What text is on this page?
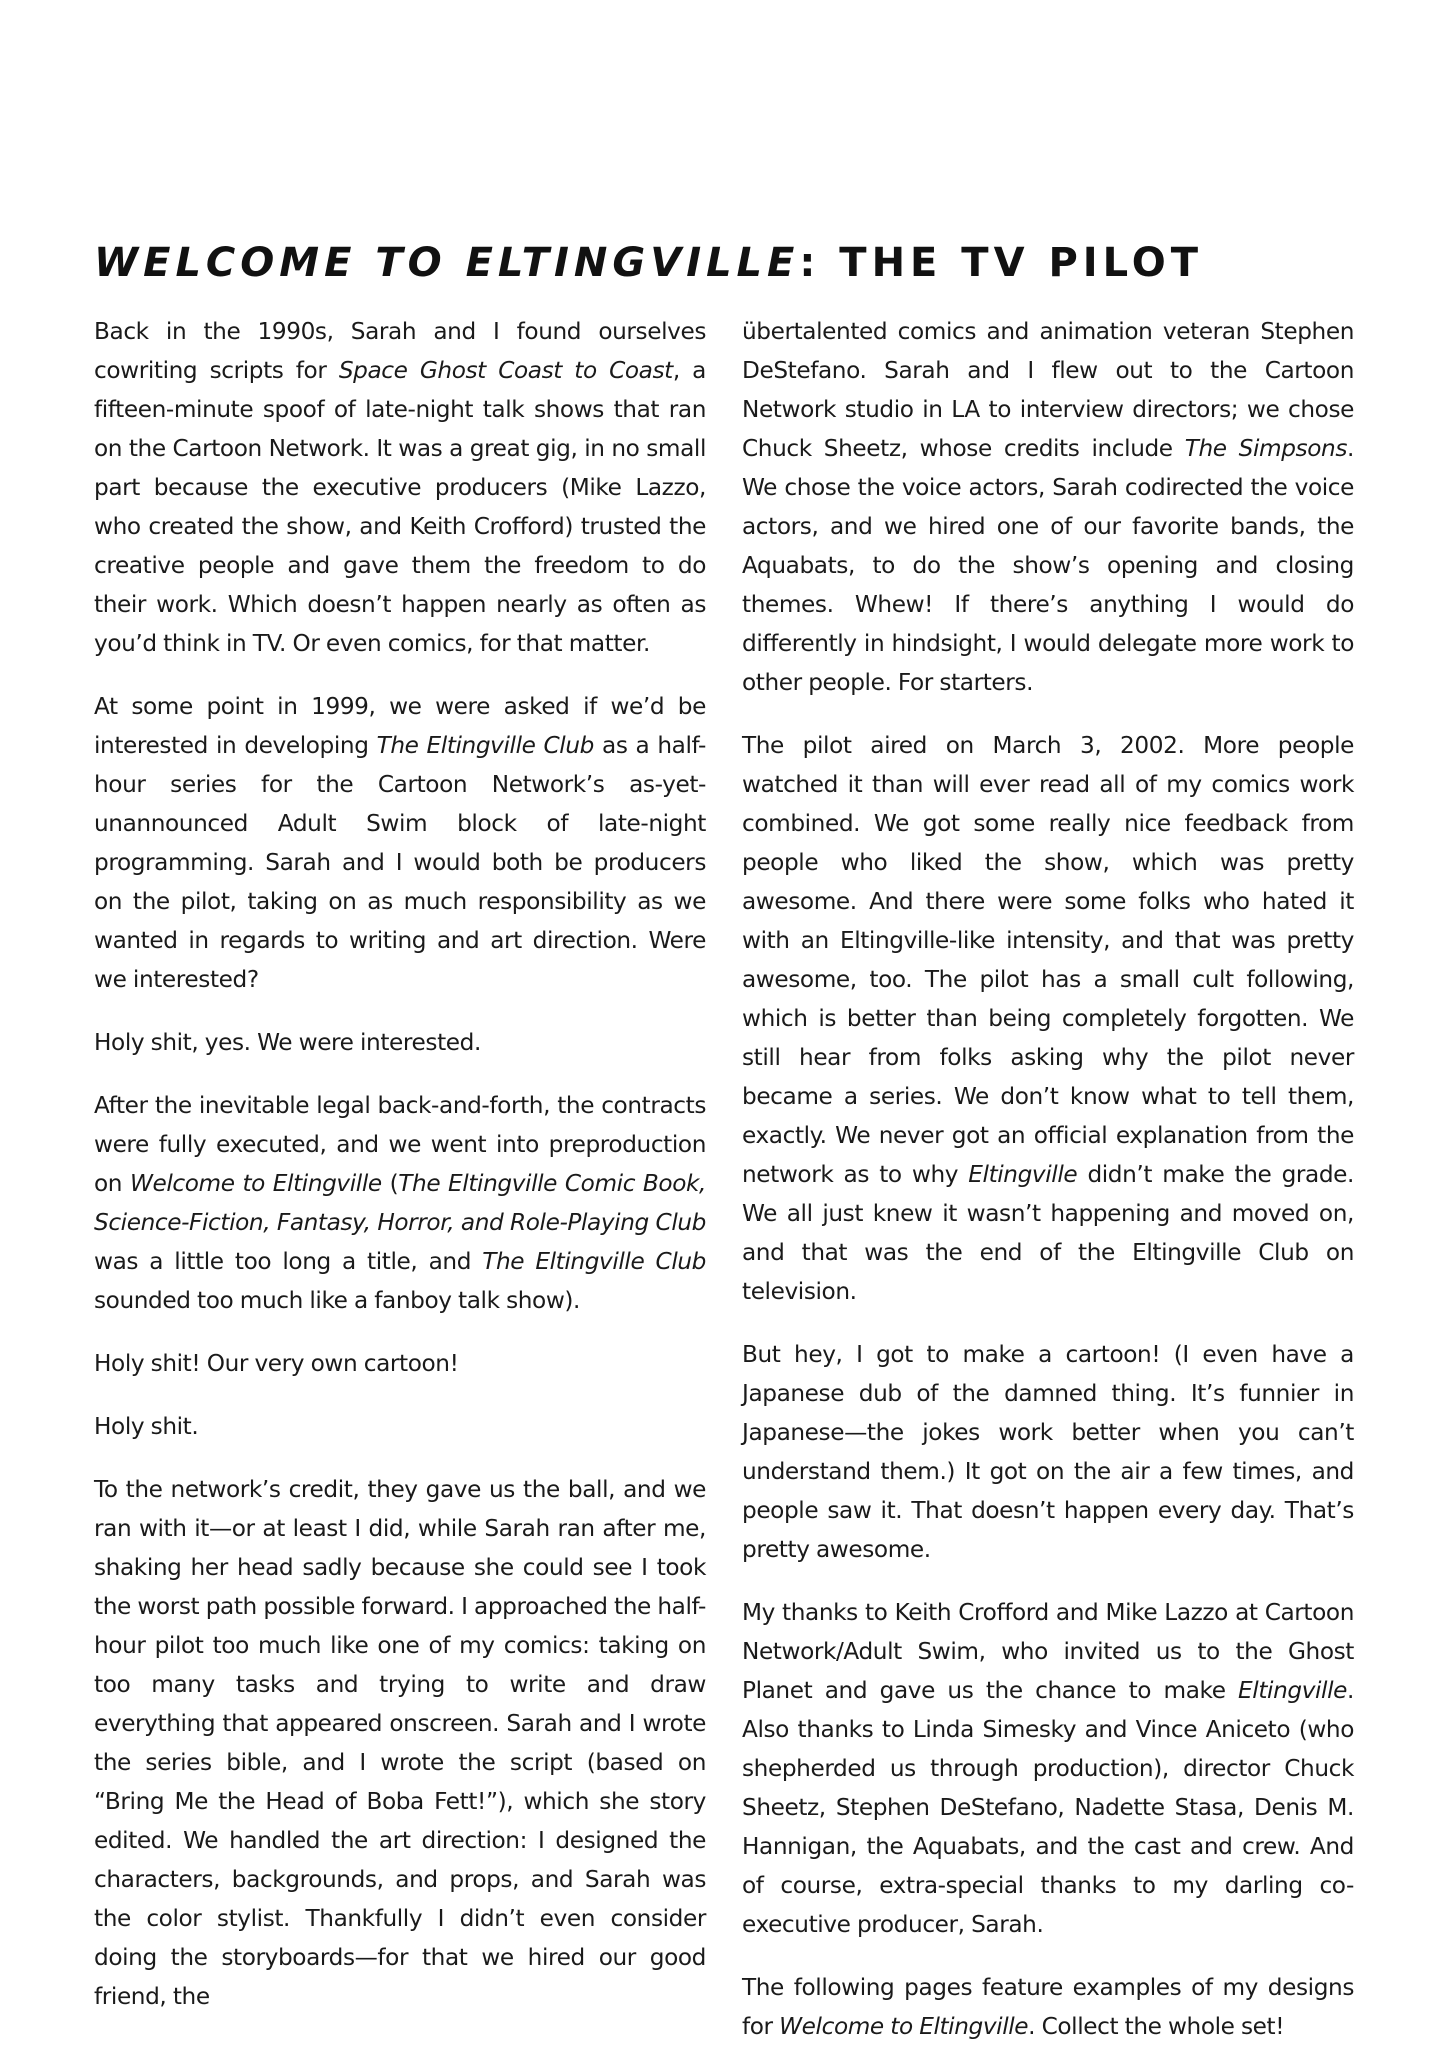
WELCOME TO ELTINGVILLE: THE TV PILOT

Back in the 1990s, Sarah and I found ourselves cowriting scripts for Space Ghost Coast to Coast, a fifteen-minute spoof of late-night talk shows that ran on the Cartoon Network. It was a great gig, in no small part because the executive producers (Mike Lazzo, who created the show, and Keith Crofford) trusted the creative people and gave them the freedom to do their work. Which doesn’t happen nearly as often as you’d think in TV. Or even comics, for that matter.

At some point in 1999, we were asked if we’d be interested in developing The Eltingville Club as a half-hour series for the Cartoon Network’s as-yet-unannounced Adult Swim block of late-night programming. Sarah and I would both be producers on the pilot, taking on as much responsibility as we wanted in regards to writing and art direction. Were we interested?

Holy shit, yes. We were interested.

After the inevitable legal back-and-forth, the contracts were fully executed, and we went into preproduction on Welcome to Eltingville (The Eltingville Comic Book, Science-Fiction, Fantasy, Horror, and Role-Playing Club was a little too long a title, and The Eltingville Club sounded too much like a fanboy talk show).

Holy shit! Our very own cartoon!

Holy shit.

To the network’s credit, they gave us the ball, and we ran with it—or at least I did, while Sarah ran after me, shaking her head sadly because she could see I took the worst path possible forward. I approached the half-hour pilot too much like one of my comics: taking on too many tasks and trying to write and draw everything that appeared onscreen. Sarah and I wrote the series bible, and I wrote the script (based on “Bring Me the Head of Boba Fett!”), which she story edited. We handled the art direction: I designed the characters, backgrounds, and props, and Sarah was the color stylist. Thankfully I didn’t even consider doing the storyboards—for that we hired our good friend, the

übertalented comics and animation veteran Stephen DeStefano. Sarah and I flew out to the Cartoon Network studio in LA to interview directors; we chose Chuck Sheetz, whose credits include The Simpsons. We chose the voice actors, Sarah codirected the voice actors, and we hired one of our favorite bands, the Aquabats, to do the show’s opening and closing themes. Whew! If there’s anything I would do differently in hindsight, I would delegate more work to other people. For starters.

The pilot aired on March 3, 2002. More people watched it than will ever read all of my comics work combined. We got some really nice feedback from people who liked the show, which was pretty awesome. And there were some folks who hated it with an Eltingville-like intensity, and that was pretty awesome, too. The pilot has a small cult following, which is better than being completely forgotten. We still hear from folks asking why the pilot never became a series. We don’t know what to tell them, exactly. We never got an official explanation from the network as to why Eltingville didn’t make the grade. We all just knew it wasn’t happening and moved on, and that was the end of the Eltingville Club on television.

But hey, I got to make a cartoon! (I even have a Japanese dub of the damned thing. It’s funnier in Japanese—the jokes work better when you can’t understand them.) It got on the air a few times, and people saw it. That doesn’t happen every day. That’s pretty awesome.

My thanks to Keith Crofford and Mike Lazzo at Cartoon Network/Adult Swim, who invited us to the Ghost Planet and gave us the chance to make Eltingville. Also thanks to Linda Simesky and Vince Aniceto (who shepherded us through production), director Chuck Sheetz, Stephen DeStefano, Nadette Stasa, Denis M. Hannigan, the Aquabats, and the cast and crew. And of course, extra-special thanks to my darling co-executive producer, Sarah.

The following pages feature examples of my designs for Welcome to Eltingville. Collect the whole set!
